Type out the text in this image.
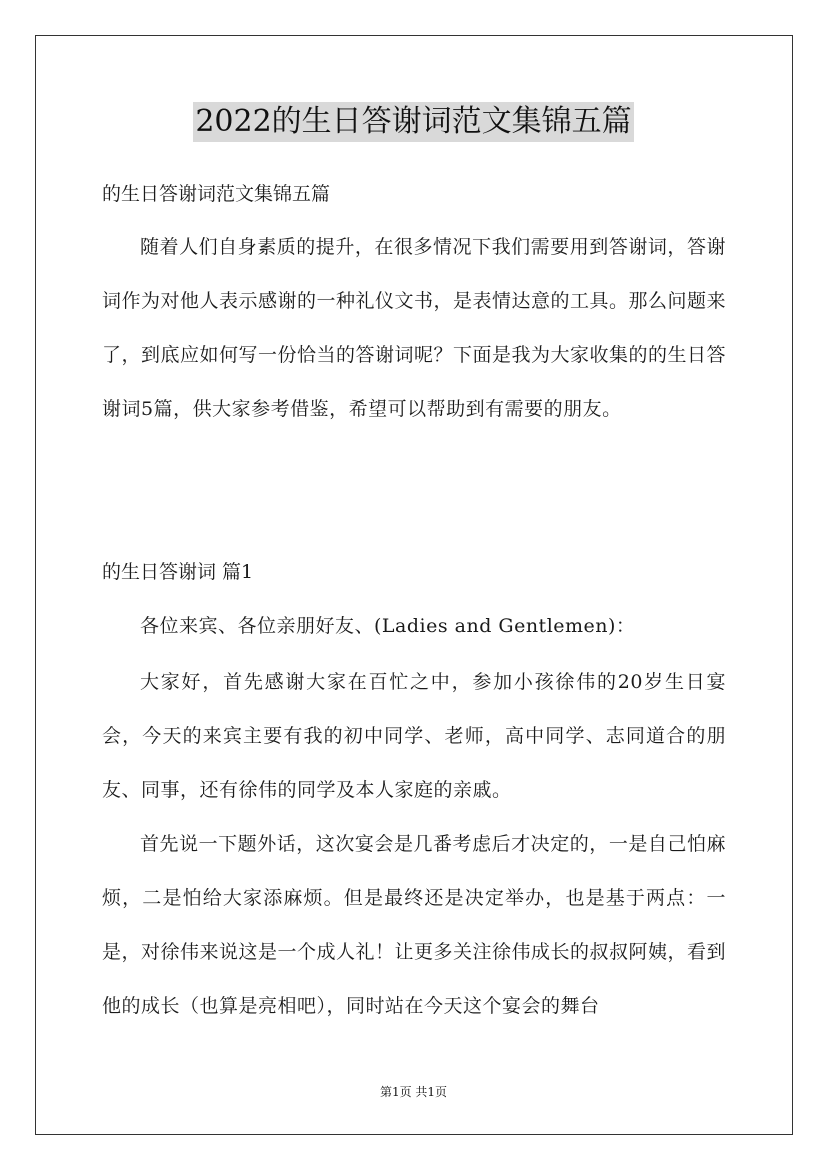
2022的生日答谢词范文集锦五篇
的生日答谢词范文集锦五篇
随着人们自身素质的提升，在很多情况下我们需要用到答谢词，答谢词作为对他人表示感谢的一种礼仪文书，是表情达意的工具。那么问题来了，到底应如何写一份恰当的答谢词呢？下面是我为大家收集的的生日答谢词5篇，供大家参考借鉴，希望可以帮助到有需要的朋友。
的生日答谢词 篇1
各位来宾、各位亲朋好友、(Ladies and Gentlemen)：
大家好，首先感谢大家在百忙之中，参加小孩徐伟的20岁生日宴会，今天的来宾主要有我的初中同学、老师，高中同学、志同道合的朋友、同事，还有徐伟的同学及本人家庭的亲戚。
首先说一下题外话，这次宴会是几番考虑后才决定的，一是自己怕麻烦，二是怕给大家添麻烦。但是最终还是决定举办，也是基于两点：一是，对徐伟来说这是一个成人礼！让更多关注徐伟成长的叔叔阿姨，看到他的成长（也算是亮相吧），同时站在今天这个宴会的舞台
第1页 共1页
